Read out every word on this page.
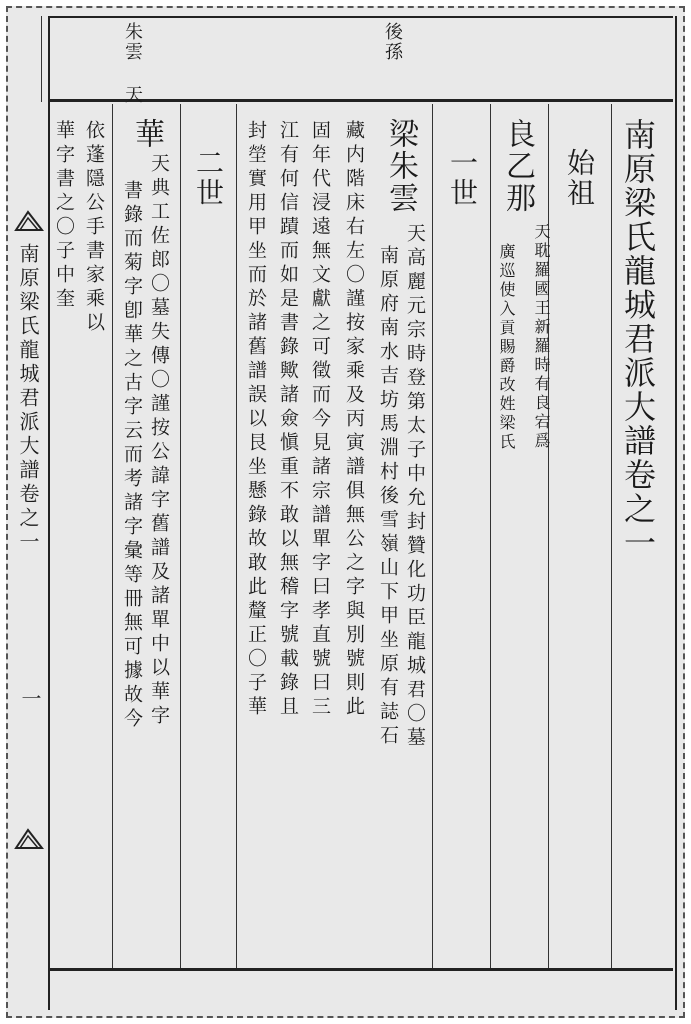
朱雲 天	後孫
南原梁氏龍城君派大譜卷之一
始祖
良乙那
天耽羅國王新羅時有良宕爲
廣巡使入貢賜爵改姓梁氏
一世
梁朱雲
天高麗元宗時登第太子中允封贊化功臣龍城君〇墓
南原府南水吉坊馬淵村後雪嶺山下甲坐原有誌石
藏内階床右左〇謹按家乘及丙寅譜俱無公之字與別號則此
固年代浸遠無文獻之可徵而今見諸宗譜單字曰孝直號曰三
江有何信蹟而如是書錄歟諸僉愼重不敢以無稽字號載錄且
封塋實用甲坐而於諸舊譜誤以艮坐懸錄故敢此釐正〇子華
二世
華
天典工佐郎〇墓失傳〇謹按公諱字舊譜及諸單中以華字
書錄而菊字卽華之古字云而考諸字彙等冊無可據故今
依蓬隱公手書家乘以
華字書之〇子中奎
南原梁氏龍城君派大譜卷之一
一
